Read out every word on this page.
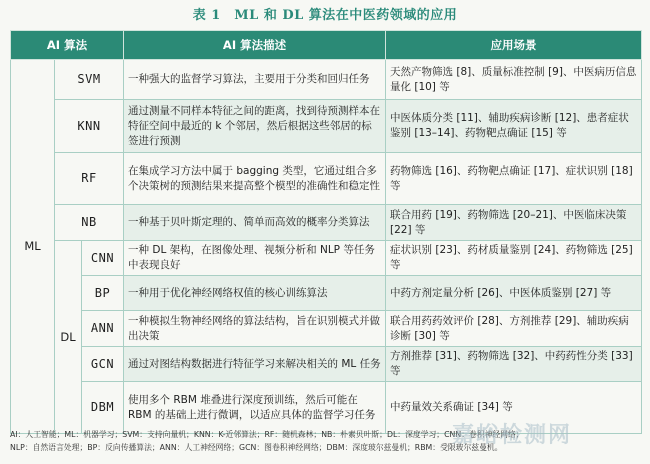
表 1　ML 和 DL 算法在中医药领域的应用
AI 算法			AI 算法描述	应用场景
ML	SVM		一种强大的监督学习算法，主要用于分类和回归任务	天然产物筛选 [8]、质量标准控制 [9]、中医病历信息量化 [10] 等
	KNN		通过测量不同样本特征之间的距离，找到待预测样本在特征空间中最近的 k 个邻居，然后根据这些邻居的标签进行预测	中医体质分类 [11]、辅助疾病诊断 [12]、患者症状鉴别 [13–14]、药物靶点确证 [15] 等
	RF		在集成学习方法中属于 bagging 类型，它通过组合多个决策树的预测结果来提高整个模型的准确性和稳定性	药物筛选 [16]、药物靶点确证 [17]、症状识别 [18] 等
	NB		一种基于贝叶斯定理的、简单而高效的概率分类算法	联合用药 [19]、药物筛选 [20–21]、中医临床决策 [22] 等
	DL	CNN	一种 DL 架构，在图像处理、视频分析和 NLP 等任务中表现良好	症状识别 [23]、药材质量鉴别 [24]、药物筛选 [25] 等
		BP	一种用于优化神经网络权值的核心训练算法	中药方剂定量分析 [26]、中医体质鉴别 [27] 等
		ANN	一种模拟生物神经网络的算法结构，旨在识别模式并做出决策	联合用药药效评价 [28]、方剂推荐 [29]、辅助疾病诊断 [30] 等
		GCN	通过对图结构数据进行特征学习来解决相关的 ML 任务	方剂推荐 [31]、药物筛选 [32]、中药药性分类 [33] 等
		DBM	使用多个 RBM 堆叠进行深度预训练，然后可能在 RBM 的基础上进行微调，以适应具体的监督学习任务	中药量效关系确证 [34] 等
AI：人工智能；ML：机器学习；SVM：支持向量机；KNN：K-近邻算法；RF：随机森林；NB：朴素贝叶斯；DL：深度学习；CNN：卷积神经网络；
NLP：自然语言处理；BP：反向传播算法；ANN：人工神经网络；GCN：图卷积神经网络；DBM：深度玻尔兹曼机；RBM：受限玻尔兹曼机。
嘉峪检测网
